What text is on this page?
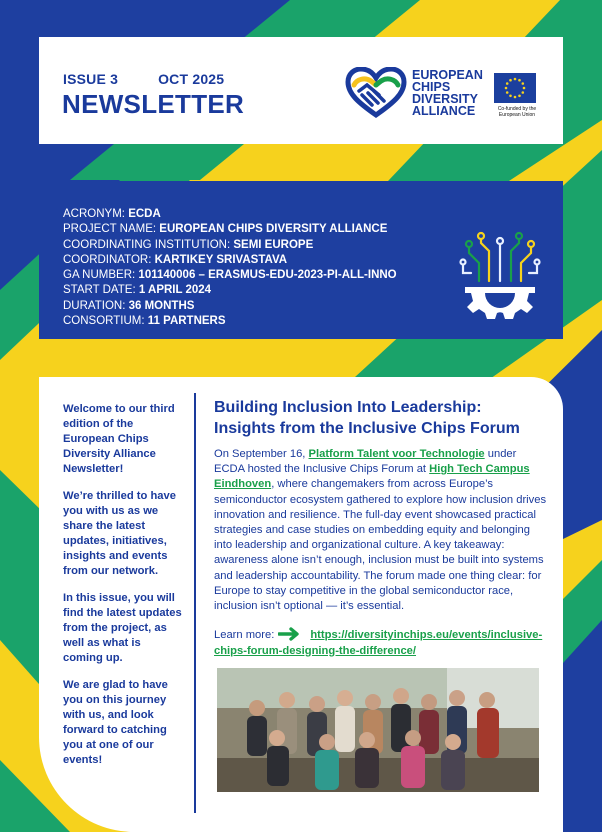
ISSUE 3	OCT 2025
NEWSLETTER
EUROPEAN
CHIPS
DIVERSITY
ALLIANCE	Co-funded by the European Union
ACRONYM: ECDA
PROJECT NAME: EUROPEAN CHIPS DIVERSITY ALLIANCE
COORDINATING INSTITUTION: SEMI EUROPE
COORDINATOR: KARTIKEY SRIVASTAVA
GA NUMBER: 101140006 – ERASMUS-EDU-2023-PI-ALL-INNO
START DATE: 1 APRIL 2024
DURATION: 36 MONTHS
CONSORTIUM: 11 PARTNERS

Welcome to our third edition of the European Chips Diversity Alliance Newsletter!

We’re thrilled to have you with us as we share the latest updates, initiatives, insights and events from our network.

In this issue, you will find the latest updates from the project, as well as what is coming up.

We are glad to have you on this journey with us, and look forward to catching you at one of our events!

Building Inclusion Into Leadership: Insights from the Inclusive Chips Forum

On September 16, Platform Talent voor Technologie under ECDA hosted the Inclusive Chips Forum at High Tech Campus Eindhoven, where changemakers from across Europe’s semiconductor ecosystem gathered to explore how inclusion drives innovation and resilience. The full-day event showcased practical strategies and case studies on embedding equity and belonging into leadership and organizational culture. A key takeaway: awareness alone isn’t enough, inclusion must be built into systems and leadership accountability. The forum made one thing clear: for Europe to stay competitive in the global semiconductor race, inclusion isn’t optional — it’s essential.

Learn more:	https://diversityinchips.eu/events/inclusive-chips-forum-designing-the-difference/
